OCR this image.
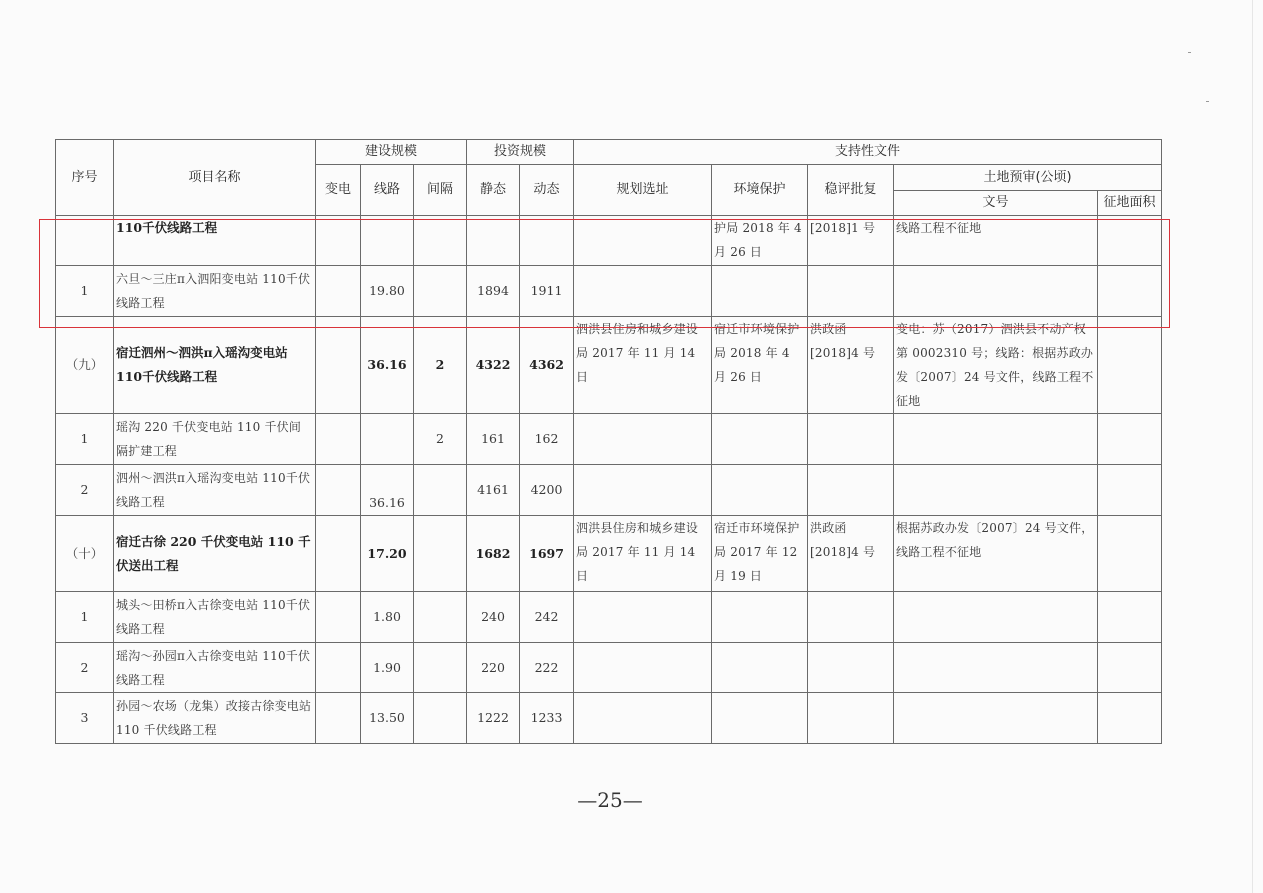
序号	项目名称	建设规模			投资规模		支持性文件				
		变电	线路	间隔	静态	动态	规划选址	环境保护	稳评批复	土地预审(公顷)	
										文号	征地面积
	110千伏线路工程							护局 2018 年 4 月 26 日	[2018]1 号	线路工程不征地	
1	六旦～三庄π入泗阳变电站 110千伏线路工程		19.80		1894	1911					
（九）	宿迁泗州～泗洪π入瑶沟变电站 110千伏线路工程		36.16	2	4322	4362	泗洪县住房和城乡建设局 2017 年 11 月 14 日	宿迁市环境保护局 2018 年 4 月 26 日	洪政函[2018]4 号	变电：苏（2017）泗洪县不动产权第 0002310 号；线路：根据苏政办发〔2007〕24 号文件，线路工程不征地	
1	瑶沟 220 千伏变电站 110 千伏间隔扩建工程			2	161	162					
2	泗州～泗洪π入瑶沟变电站 110千伏线路工程		36.16		4161	4200					
（十）	宿迁古徐 220 千伏变电站 110 千伏送出工程		17.20		1682	1697	泗洪县住房和城乡建设局 2017 年 11 月 14 日	宿迁市环境保护局 2017 年 12 月 19 日	洪政函[2018]4 号	根据苏政办发〔2007〕24 号文件，线路工程不征地	
1	城头～田桥π入古徐变电站 110千伏线路工程		1.80		240	242					
2	瑶沟～孙园π入古徐变电站 110千伏线路工程		1.90		220	222					
3	孙园～农场（龙集）改接古徐变电站 110 千伏线路工程		13.50		1222	1233					
—25—
